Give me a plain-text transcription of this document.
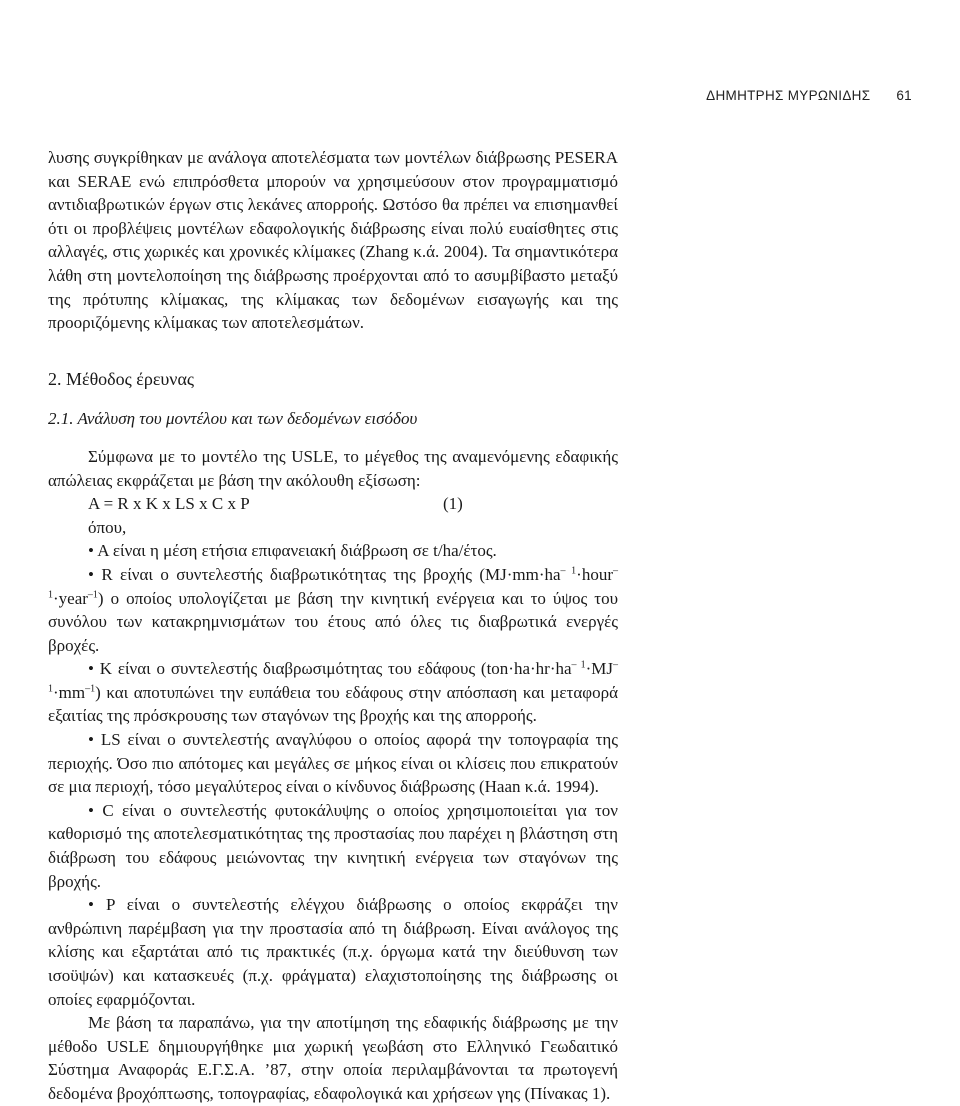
ΔΗΜΗΤΡΗΣ ΜΥΡΩΝΙΔΗΣ 61

λυσης συγκρίθηκαν με ανάλογα αποτελέσματα των μοντέλων διάβρωσης PESERA και SERAE ενώ επιπρόσθετα μπορούν να χρησιμεύσουν στον προγραμματισμό αντιδιαβρωτικών έργων στις λεκάνες απορροής. Ωστόσο θα πρέπει να επισημανθεί ότι οι προβλέψεις μοντέλων εδαφολογικής διάβρωσης είναι πολύ ευαίσθητες στις αλλαγές, στις χωρικές και χρονικές κλίμακες (Zhang κ.ά. 2004). Τα σημαντικότερα λάθη στη μοντελοποίηση της διάβρωσης προέρχονται από το ασυμβίβαστο μεταξύ της πρότυπης κλίμακας, της κλίμακας των δεδομένων εισαγωγής και της προοριζόμενης κλίμακας των αποτελεσμάτων.

2. Μέθοδος έρευνας

2.1. Ανάλυση του μοντέλου και των δεδομένων εισόδου

Σύμφωνα με το μοντέλο της USLE, το μέγεθος της αναμενόμενης εδαφικής απώλειας εκφράζεται με βάση την ακόλουθη εξίσωση:

A = R x K x LS x C x P	(1)

όπου,

• A είναι η μέση ετήσια επιφανειακή διάβρωση σε t/ha/έτος.

• R είναι ο συντελεστής διαβρωτικότητας της βροχής $(MJ\cdot mm\cdot ha^{- 1}\cdot hour^{-1}\cdot year^{-1})$ ο οποίος υπολογίζεται με βάση την κινητική ενέργεια και το ύψος του συνόλου των κατακρημνισμάτων του έτους από όλες τις διαβρωτικά ενεργές βροχές.

• K είναι ο συντελεστής διαβρωσιμότητας του εδάφους $(ton\cdot ha\cdot hr\cdot ha^{- 1}\cdot MJ^{-1}\cdot mm^{-1})$ και αποτυπώνει την ευπάθεια του εδάφους στην απόσπαση και μεταφορά εξαιτίας της πρόσκρουσης των σταγόνων της βροχής και της απορροής.

• LS είναι ο συντελεστής αναγλύφου ο οποίος αφορά την τοπογραφία της περιοχής. Όσο πιο απότομες και μεγάλες σε μήκος είναι οι κλίσεις που επικρατούν σε μια περιοχή, τόσο μεγαλύτερος είναι ο κίνδυνος διάβρωσης (Haan κ.ά. 1994).

• C είναι ο συντελεστής φυτοκάλυψης ο οποίος χρησιμοποιείται για τον καθορισμό της αποτελεσματικότητας της προστασίας που παρέχει η βλάστηση στη διάβρωση του εδάφους μειώνοντας την κινητική ενέργεια των σταγόνων της βροχής.

• P είναι ο συντελεστής ελέγχου διάβρωσης ο οποίος εκφράζει την ανθρώπινη παρέμβαση για την προστασία από τη διάβρωση. Είναι ανάλογος της κλίσης και εξαρτάται από τις πρακτικές (π.χ. όργωμα κατά την διεύθυνση των ισοϋψών) και κατασκευές (π.χ. φράγματα) ελαχιστοποίησης της διάβρωσης οι οποίες εφαρμόζονται.

Με βάση τα παραπάνω, για την αποτίμηση της εδαφικής διάβρωσης με την μέθοδο USLE δημιουργήθηκε μια χωρική γεωβάση στο Ελληνικό Γεωδαιτικό Σύστημα Αναφοράς Ε.Γ.Σ.Α. ’87, στην οποία περιλαμβάνονται τα πρωτογενή δεδομένα βροχόπτωσης, τοπογραφίας, εδαφολογικά και χρήσεων γης (Πίνακας 1).
